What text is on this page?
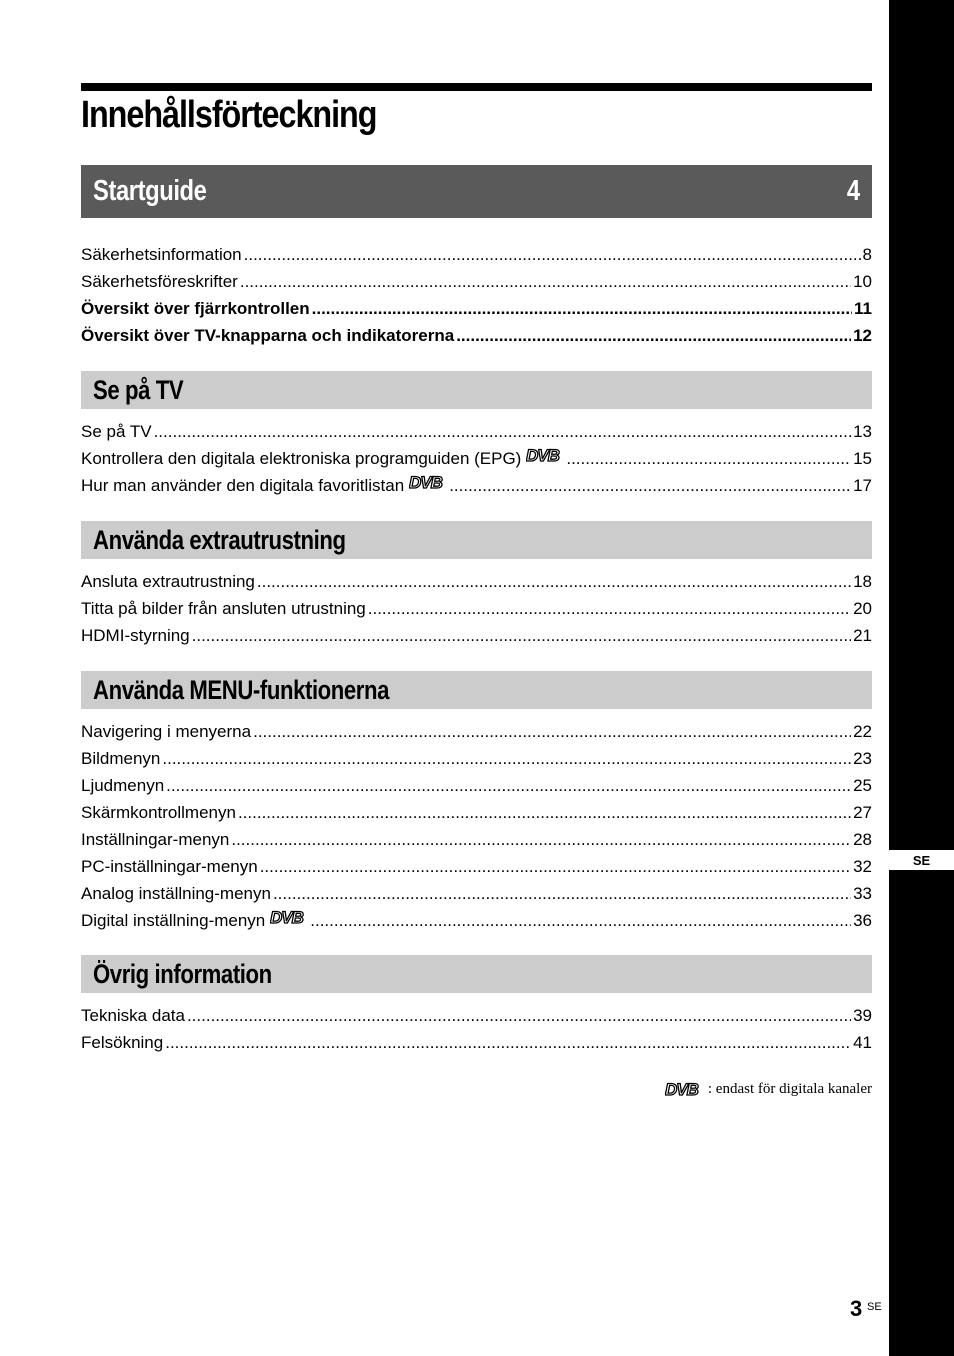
SE
Innehållsförteckning
Startguide	4
Säkerhetsinformation .....	8
Säkerhetsföreskrifter .....	10
Översikt över fjärrkontrollen .....	11
Översikt över TV-knapparna och indikatorerna .....	12
Se på TV
Se på TV .....	13
Kontrollera den digitala elektroniska programguiden (EPG) DVB .....	15
Hur man använder den digitala favoritlistan DVB .....	17
Använda extrautrustning
Ansluta extrautrustning .....	18
Titta på bilder från ansluten utrustning .....	20
HDMI-styrning .....	21
Använda MENU-funktionerna
Navigering i menyerna .....	22
Bildmenyn .....	23
Ljudmenyn .....	25
Skärmkontrollmenyn .....	27
Inställningar-menyn .....	28
PC-inställningar-menyn .....	32
Analog inställning-menyn .....	33
Digital inställning-menyn DVB .....	36
Övrig information
Tekniska data .....	39
Felsökning .....	41
DVB : endast för digitala kanaler
3 SE
